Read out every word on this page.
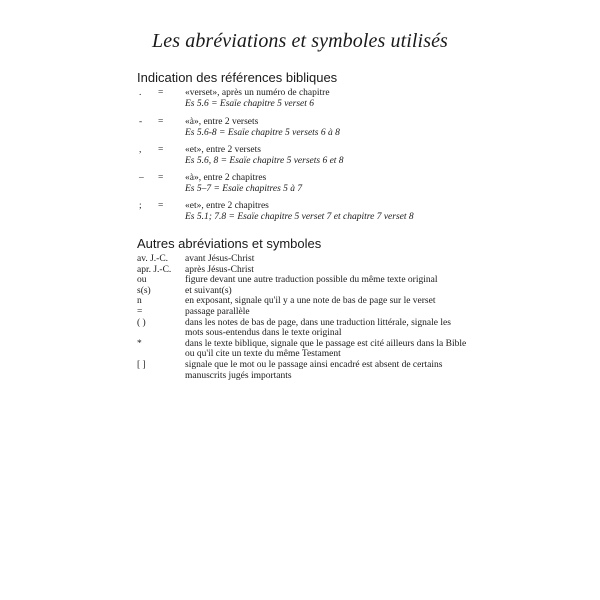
Les abréviations et symboles utilisés
Indication des références bibliques
. = «verset», après un numéro de chapitre
Es 5.6 = Esaïe chapitre 5 verset 6
- = «à», entre 2 versets
Es 5.6-8 = Esaïe chapitre 5 versets 6 à 8
, = «et», entre 2 versets
Es 5.6, 8 = Esaïe chapitre 5 versets 6 et 8
– = «à», entre 2 chapitres
Es 5–7 = Esaïe chapitres 5 à 7
; = «et», entre 2 chapitres
Es 5.1; 7.8 = Esaïe chapitre 5 verset 7 et chapitre 7 verset 8
Autres abréviations et symboles
av. J.-C.	avant Jésus-Christ
apr. J.-C.	après Jésus-Christ
ou	figure devant une autre traduction possible du même texte original
s(s)	et suivant(s)
n	en exposant, signale qu'il y a une note de bas de page sur le verset
=	passage parallèle
( )	dans les notes de bas de page, dans une traduction littérale, signale les mots sous-entendus dans le texte original
*	dans le texte biblique, signale que le passage est cité ailleurs dans la Bible ou qu'il cite un texte du même Testament
[ ]	signale que le mot ou le passage ainsi encadré est absent de certains manuscrits jugés importants
